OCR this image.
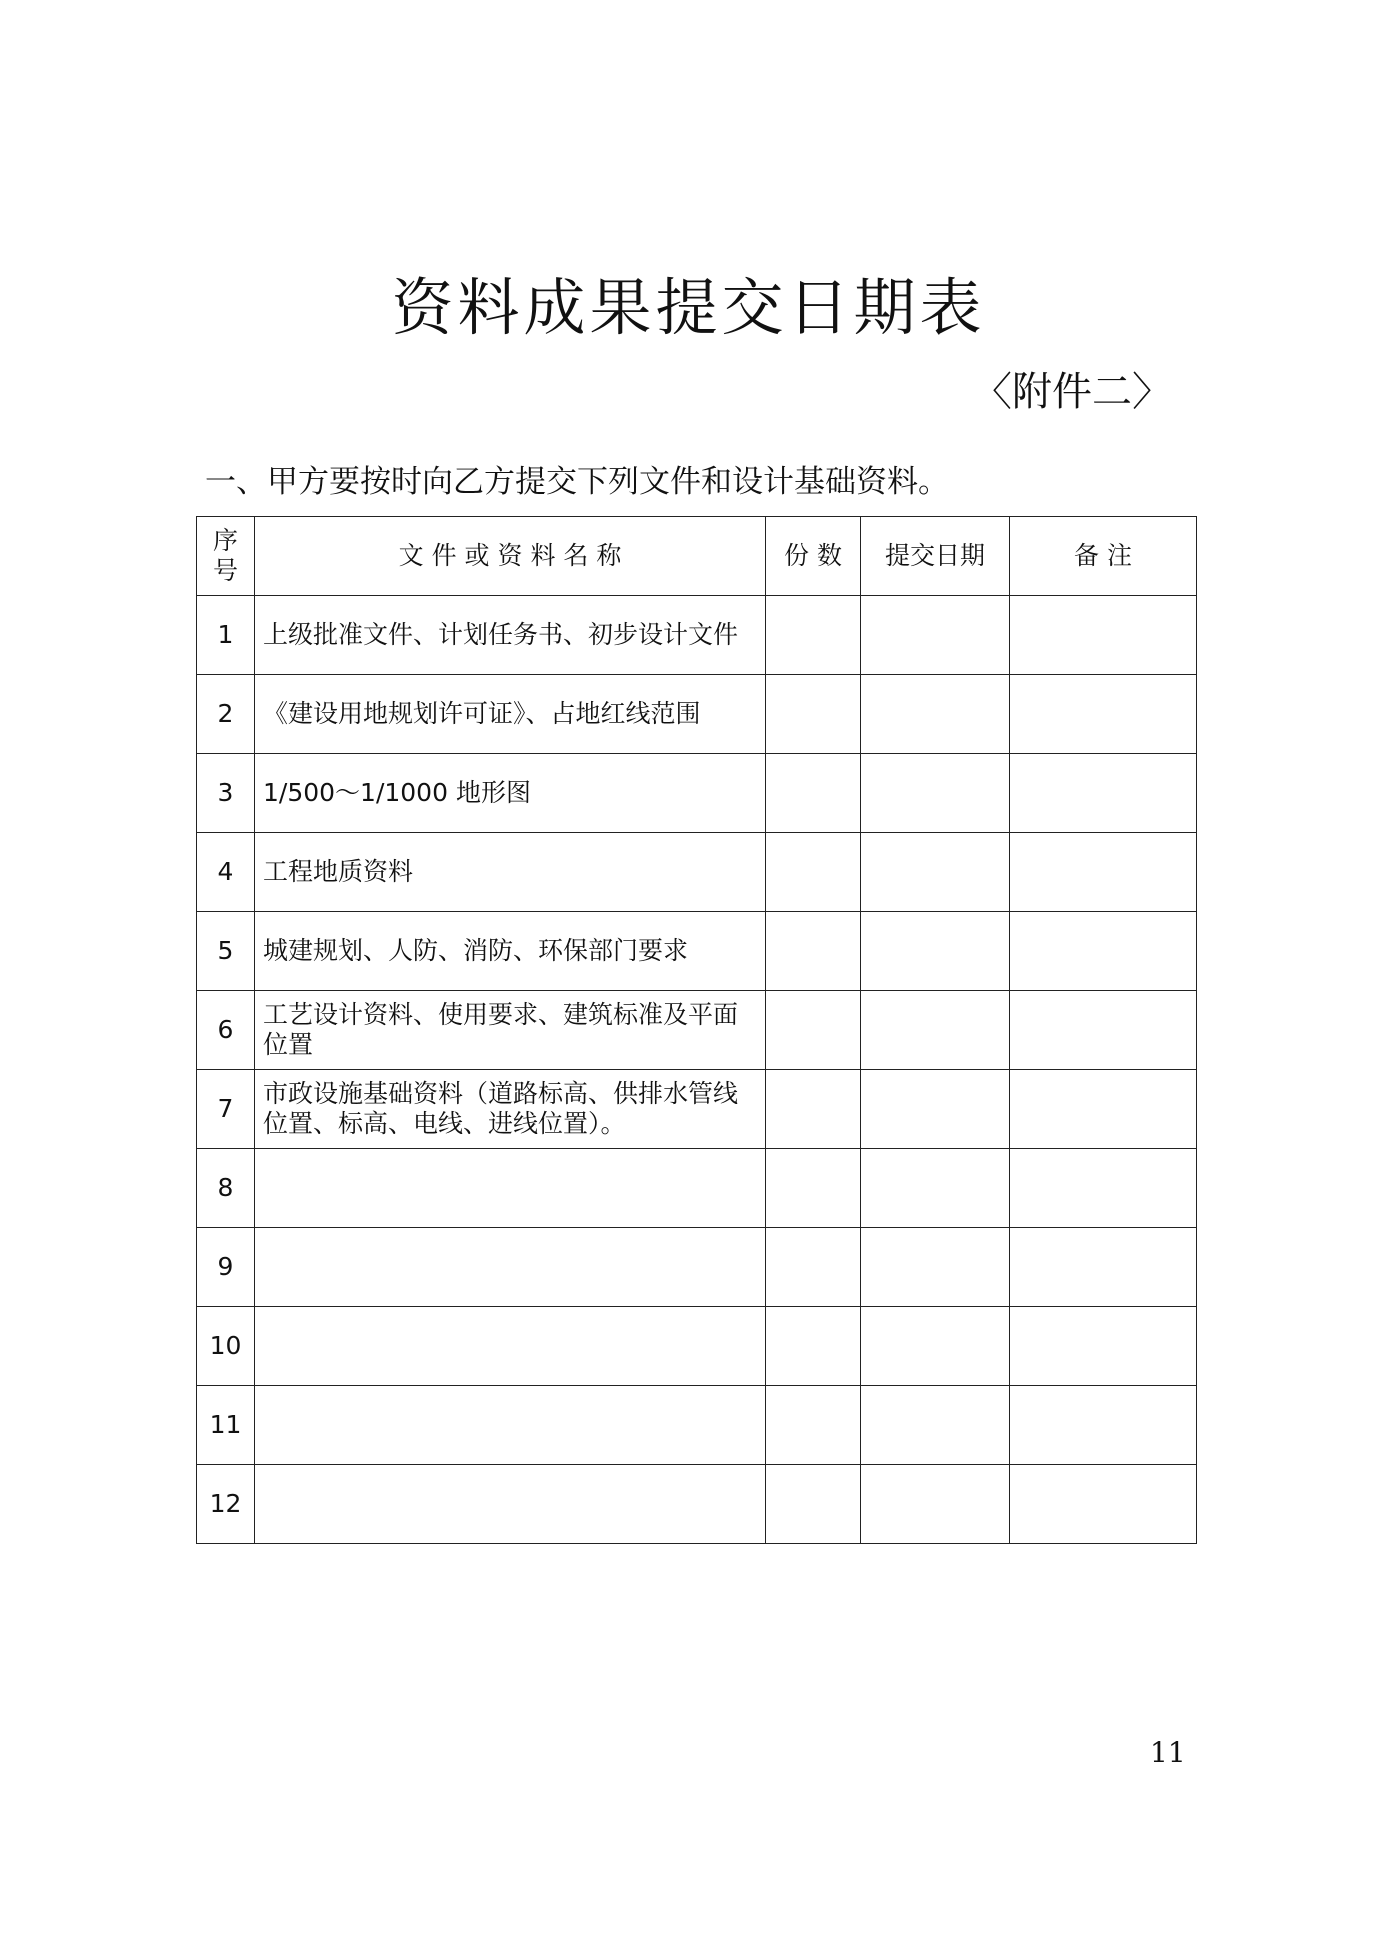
资料成果提交日期表
〈附件二〉
一、甲方要按时向乙方提交下列文件和设计基础资料。
序
号	文 件 或 资 料 名 称	份 数	提交日期	备 注
1	上级批准文件、计划任务书、初步设计文件			
2	《建设用地规划许可证》、占地红线范围			
3	1/500～1/1000 地形图			
4	工程地质资料			
5	城建规划、人防、消防、环保部门要求			
6	工艺设计资料、使用要求、建筑标准及平面位置			
7	市政设施基础资料（道路标高、供排水管线位置、标高、电线、进线位置）。			
8				
9				
10				
11				
12				
11
